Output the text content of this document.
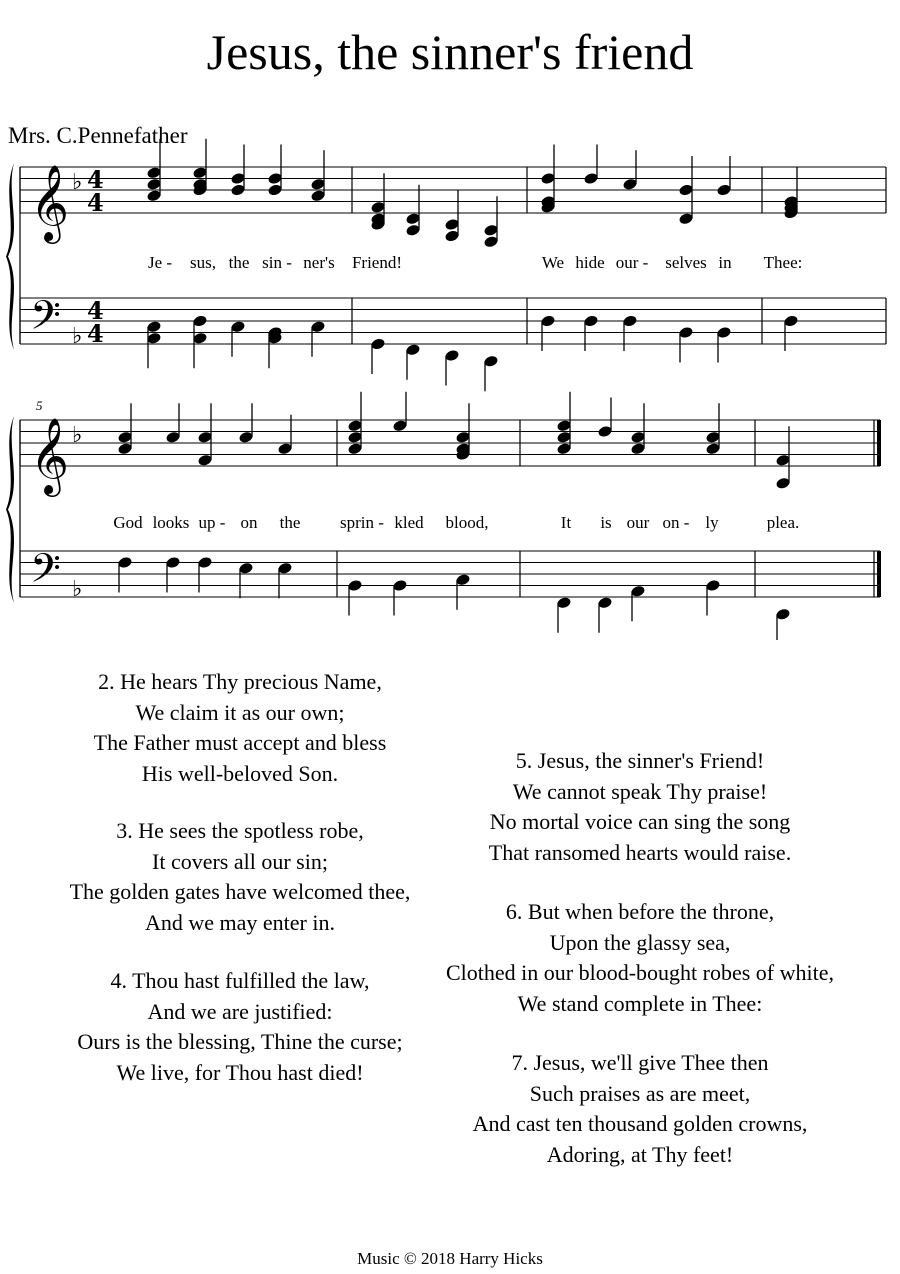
Jesus, the sinner's friend
Mrs. C.Pennefather
𝄞 ♭ 4
4
𝄢 ♭
4
4
𝄞 ♭
𝄢 ♭
5
Je - sus, the sin - ner's Friend!	We hide our - selves in Thee:
God looks up - on the sprin - kled blood,	It is our on - ly	plea.
2. He hears Thy precious Name,
We claim it as our own;
The Father must accept and bless
His well-beloved Son.
3. He sees the spotless robe,
It covers all our sin;
The golden gates have welcomed thee,
And we may enter in.
4. Thou hast fulfilled the law,
And we are justified:
Ours is the blessing, Thine the curse;
We live, for Thou hast died!
5. Jesus, the sinner's Friend!
We cannot speak Thy praise!
No mortal voice can sing the song
That ransomed hearts would raise.
6. But when before the throne,
Upon the glassy sea,
Clothed in our blood-bought robes of white,
We stand complete in Thee:
7. Jesus, we'll give Thee then
Such praises as are meet,
And cast ten thousand golden crowns,
Adoring, at Thy feet!
Music © 2018 Harry Hicks
